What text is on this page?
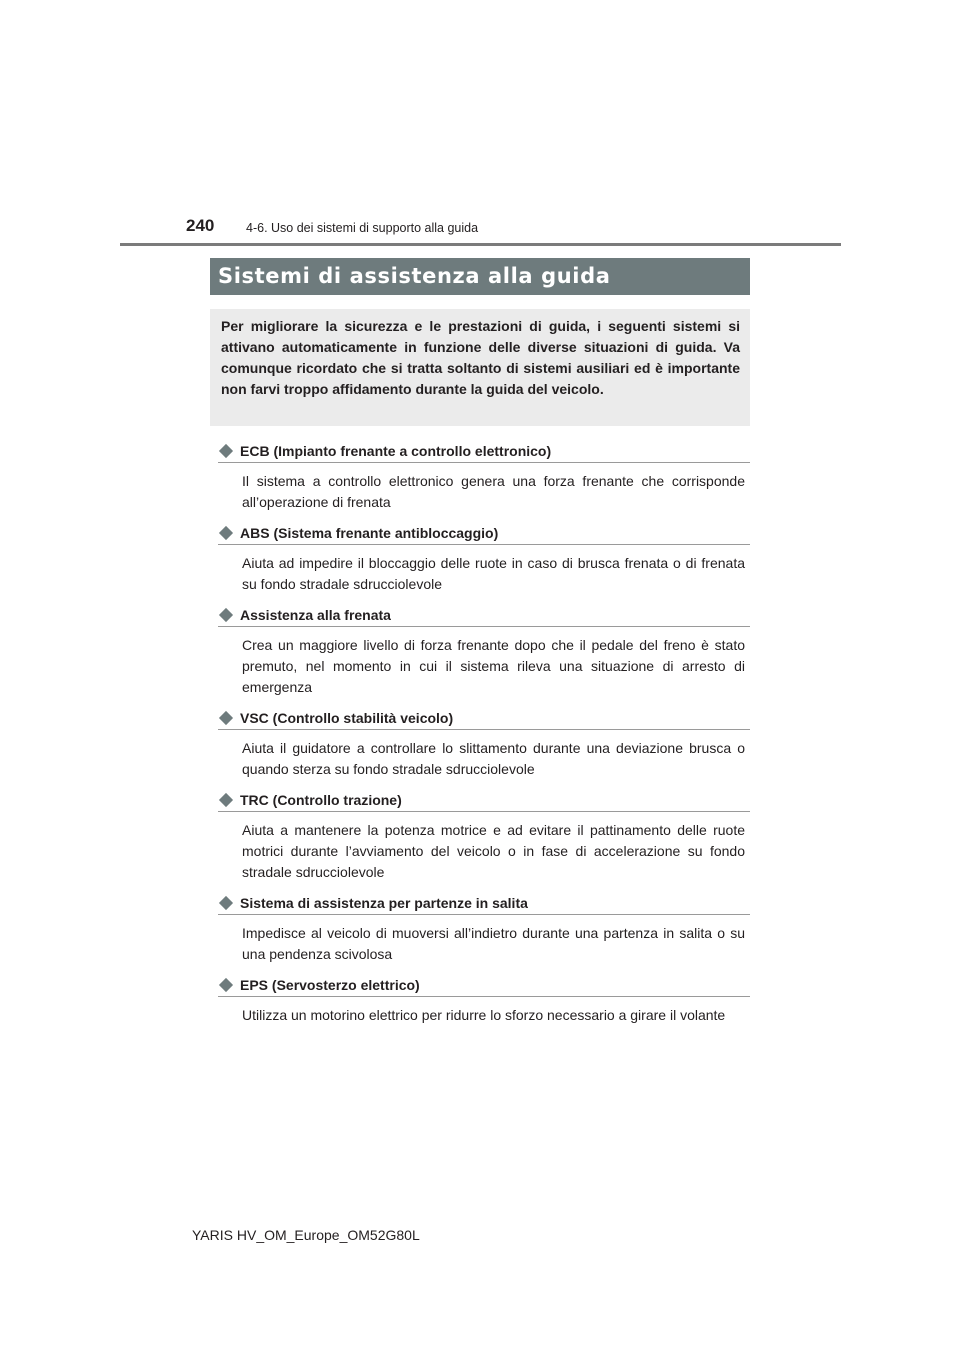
240	4-6. Uso dei sistemi di supporto alla guida
Sistemi di assistenza alla guida
Per migliorare la sicurezza e le prestazioni di guida, i seguenti sistemi si attivano automaticamente in funzione delle diverse situazioni di guida. Va comunque ricordato che si tratta soltanto di sistemi ausiliari ed è importante non farvi troppo affidamento durante la guida del veicolo.
ECB (Impianto frenante a controllo elettronico)
Il sistema a controllo elettronico genera una forza frenante che corrisponde all’operazione di frenata
ABS (Sistema frenante antibloccaggio)
Aiuta ad impedire il bloccaggio delle ruote in caso di brusca frenata o di frenata su fondo stradale sdrucciolevole
Assistenza alla frenata
Crea un maggiore livello di forza frenante dopo che il pedale del freno è stato premuto, nel momento in cui il sistema rileva una situazione di arresto di emergenza
VSC (Controllo stabilità veicolo)
Aiuta il guidatore a controllare lo slittamento durante una deviazione brusca o quando sterza su fondo stradale sdrucciolevole
TRC (Controllo trazione)
Aiuta a mantenere la potenza motrice e ad evitare il pattinamento delle ruote motrici durante l’avviamento del veicolo o in fase di accelerazione su fondo stradale sdrucciolevole
Sistema di assistenza per partenze in salita
Impedisce al veicolo di muoversi all’indietro durante una partenza in salita o su una pendenza scivolosa
EPS (Servosterzo elettrico)
Utilizza un motorino elettrico per ridurre lo sforzo necessario a girare il volante
YARIS HV_OM_Europe_OM52G80L
